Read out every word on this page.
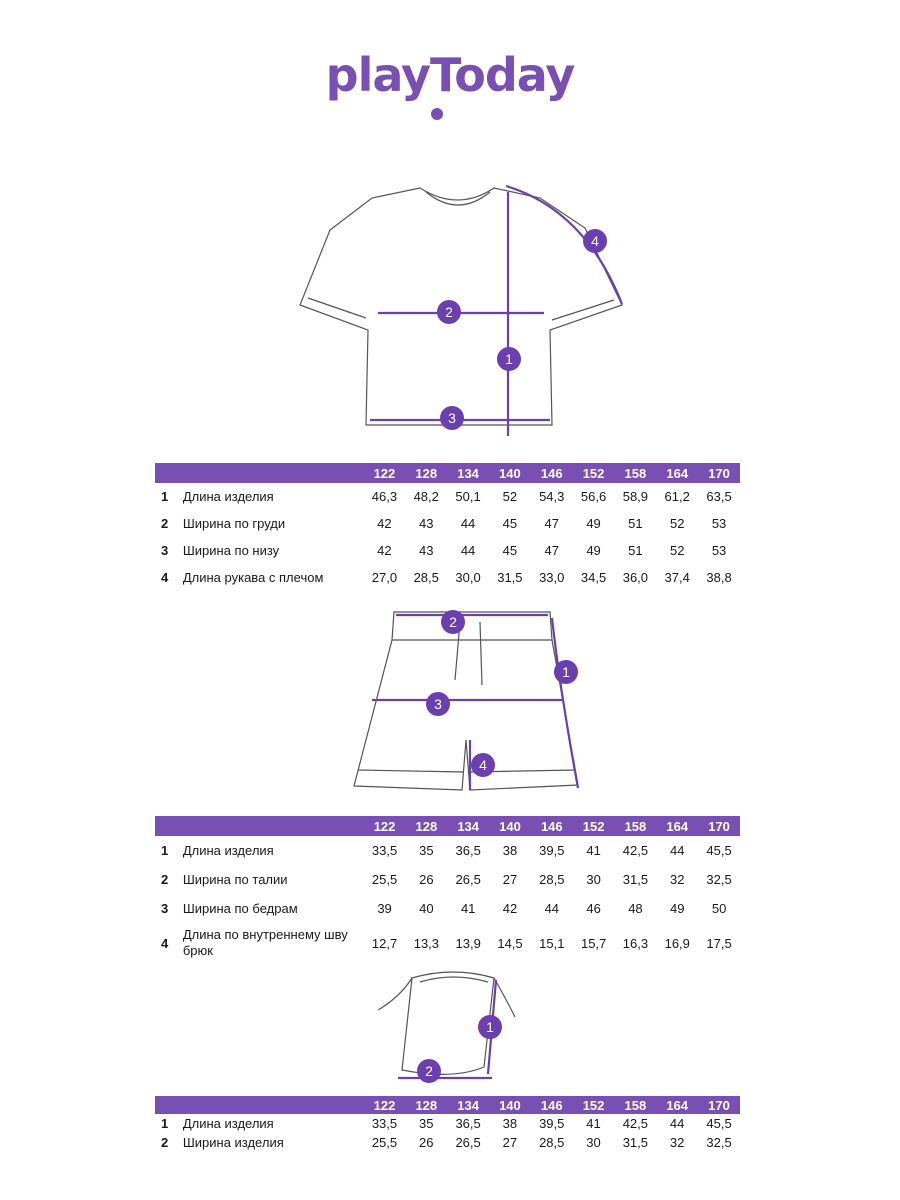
playToday
1
2
3
4
		122	128	134	140	146	152	158	164	170
1	Длина изделия	46,3	48,2	50,1	52	54,3	56,6	58,9	61,2	63,5
2	Ширина по груди	42	43	44	45	47	49	51	52	53
3	Ширина по низу	42	43	44	45	47	49	51	52	53
4	Длина рукава с плечом	27,0	28,5	30,0	31,5	33,0	34,5	36,0	37,4	38,8
1
2
3
4
		122	128	134	140	146	152	158	164	170
1	Длина изделия	33,5	35	36,5	38	39,5	41	42,5	44	45,5
2	Ширина по талии	25,5	26	26,5	27	28,5	30	31,5	32	32,5
3	Ширина по бедрам	39	40	41	42	44	46	48	49	50
4	Длина по внутреннему шву брюк	12,7	13,3	13,9	14,5	15,1	15,7	16,3	16,9	17,5
1
2
		122	128	134	140	146	152	158	164	170
1	Длина изделия	33,5	35	36,5	38	39,5	41	42,5	44	45,5
2	Ширина изделия	25,5	26	26,5	27	28,5	30	31,5	32	32,5
